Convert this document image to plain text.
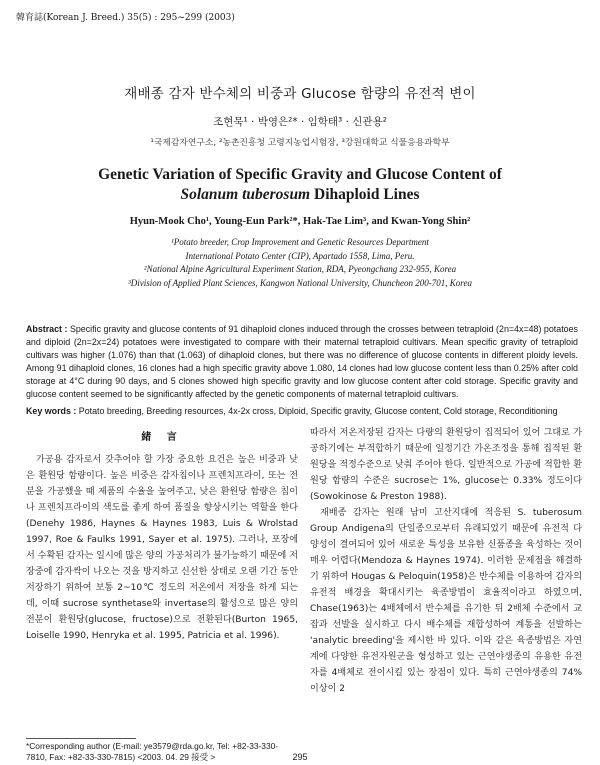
韓育誌(Korean J. Breed.) 35(5) : 295~299 (2003)
재배종 감자 반수체의 비중과 Glucose 함량의 유전적 변이
조현묵¹ · 박영은²* · 임학태³ · 신관용²
¹국제감자연구소, ²농촌진흥청 고령지농업시험장, ³강원대학교 식물응용과학부
Genetic Variation of Specific Gravity and Glucose Content of
Solanum tuberosum Dihaploid Lines
Hyun-Mook Cho¹, Young-Eun Park²*, Hak-Tae Lim³, and Kwan-Yong Shin²
¹Potato breeder, Crop Improvement and Genetic Resources Department
International Potato Center (CIP), Apartado 1558, Lima, Peru.
²National Alpine Agricultural Experiment Station, RDA, Pyeongchang 232-955, Korea
³Division of Applied Plant Sciences, Kangwon National University, Chuncheon 200-701, Korea
Abstract : Specific gravity and glucose contents of 91 dihaploid clones induced through the crosses between tetraploid (2n=4x=48) potatoes and diploid (2n=2x=24) potatoes were investigated to compare with their maternal tetraploid cultivars. Mean specific gravity of tetraploid cultivars was higher (1.076) than that (1.063) of dihaploid clones, but there was no difference of glucose contents in different ploidy levels. Among 91 dihaploid clones, 16 clones had a high specific gravity above 1.080, 14 clones had low glucose content less than 0.25% after cold storage at 4°C during 90 days, and 5 clones showed high specific gravity and low glucose content after cold storage. Specific gravity and glucose content seemed to be significantly affected by the genetic components of maternal tetraploid cultivars.
Key words : Potato breeding, Breeding resources, 4x-2x cross, Diploid, Specific gravity, Glucose content, Cold storage, Reconditioning
緒 言

가공용 감자로서 갖추어야 할 가장 중요한 요건은 높은 비중과 낮은 환원당 함량이다. 높은 비중은 감자칩이나 프렌치프라이, 또는 전분을 가공했을 때 제품의 수율을 높여주고, 낮은 환원당 함량은 칩이나 프렌치프라이의 색도를 좋게 하여 품질을 향상시키는 역할을 한다(Denehy 1986, Haynes & Haynes 1983, Luis & Wrolstad 1997, Roe & Faulks 1991, Sayer et al. 1975). 그러나, 포장에서 수확된 감자는 일시에 많은 양의 가공처리가 불가능하기 때문에 저장중에 감자싹이 나오는 것을 방지하고 신선한 상태로 오랜 기간 동안 저장하기 위하여 보통 2~10℃ 정도의 저온에서 저장을 하게 되는데, 이때 sucrose synthetase와 invertase의 활성으로 많은 양의 전분이 환원당(glucose, fructose)으로 전환된다(Burton 1965, Loiselle 1990, Henryka et al. 1995, Patricia et al. 1996).

따라서 저온저장된 감자는 다량의 환원당이 집적되어 있어 그대로 가공하기에는 부적합하기 때문에 일정기간 가온조정을 통해 집적된 환원당을 적정수준으로 낮춰 주어야 한다. 일반적으로 가공에 적합한 환원당 함량의 수준은 sucrose는 1%, glucose는 0.33% 정도이다(Sowokinose & Preston 1988).

재배종 감자는 원래 남미 고산지대에 적응된 S. tuberosum Group Andigena의 단일종으로부터 유래되었기 때문에 유전적 다양성이 결여되어 있어 새로운 특성을 보유한 신품종을 육성하는 것이 매우 어렵다(Mendoza & Haynes 1974). 이러한 문제점을 해결하기 위하여 Hougas & Peloquin(1958)은 반수체를 이용하여 감자의 유전적 배경을 확대시키는 육종방법이 효율적이라고 하였으며, Chase(1963)는 4배체에서 반수체를 유기한 뒤 2배체 수준에서 교잡과 선발을 실시하고 다시 배수체를 재합성하여 계통을 선발하는 'analytic breeding'을 제시한 바 있다. 이와 같은 육종방법은 자연계에 다양한 유전자원군을 형성하고 있는 근연야생종의 유용한 유전자를 4배체로 전이시킬 있는 장점이 있다. 특히 근연야생종의 74% 이상이 2

*Corresponding author (E-mail: ye3579@rda.go.kr, Tel: +82-33-330-7810, Fax: +82-33-330-7815) <2003. 04. 29 接受 >	295
